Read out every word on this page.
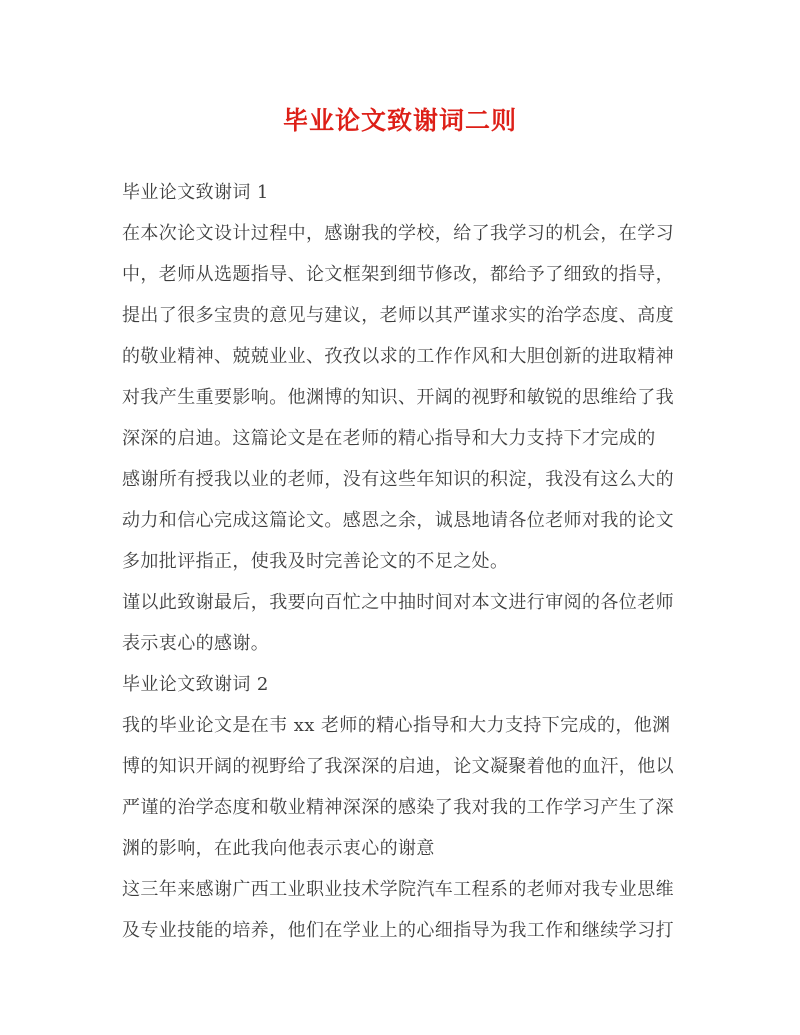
毕业论文致谢词二则
毕业论文致谢词 1
在本次论文设计过程中，感谢我的学校，给了我学习的机会，在学习
中，老师从选题指导、论文框架到细节修改，都给予了细致的指导，
提出了很多宝贵的意见与建议，老师以其严谨求实的治学态度、高度
的敬业精神、兢兢业业、孜孜以求的工作作风和大胆创新的进取精神
对我产生重要影响。他渊博的知识、开阔的视野和敏锐的思维给了我
深深的启迪。这篇论文是在老师的精心指导和大力支持下才完成的
感谢所有授我以业的老师，没有这些年知识的积淀，我没有这么大的
动力和信心完成这篇论文。感恩之余，诚恳地请各位老师对我的论文
多加批评指正，使我及时完善论文的不足之处。
谨以此致谢最后，我要向百忙之中抽时间对本文进行审阅的各位老师
表示衷心的感谢。
毕业论文致谢词 2
我的毕业论文是在韦 xx 老师的精心指导和大力支持下完成的，他渊
博的知识开阔的视野给了我深深的启迪，论文凝聚着他的血汗，他以
严谨的治学态度和敬业精神深深的感染了我对我的工作学习产生了深
渊的影响，在此我向他表示衷心的谢意
这三年来感谢广西工业职业技术学院汽车工程系的老师对我专业思维
及专业技能的培养，他们在学业上的心细指导为我工作和继续学习打
